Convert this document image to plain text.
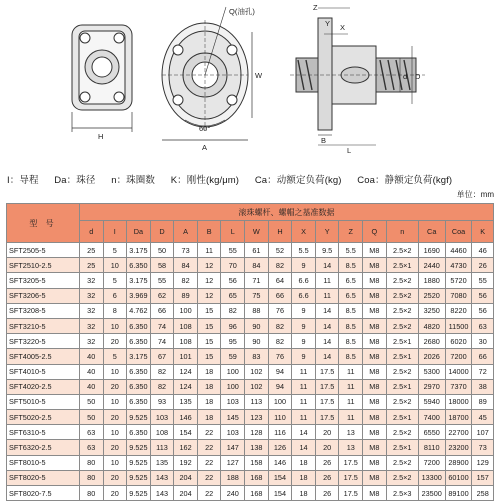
H
Q(油孔)
W
60°
A
Z
X
Y
d D
B
L
I：导程 Da：珠径 n：珠圈数 K：刚性(kg/μm) Ca：动额定负荷(kg) Coa：静额定负荷(kgf)
单位：mm
型 号	滚珠螺杆、螺帽之基准数据																
	d	I	Da	D	A	B	L	W	H	X	Y	Z	Q	n	Ca	Coa	K
SFT2505-5	25	5	3.175	50	73	11	55	61	52	5.5	9.5	5.5	M8	2.5×2	1690	4460	46
SFT2510-2.5	25	10	6.350	58	84	12	70	84	82	9	14	8.5	M8	2.5×1	2440	4730	26
SFT3205-5	32	5	3.175	55	82	12	56	71	64	6.6	11	6.5	M8	2.5×2	1880	5720	55
SFT3206-5	32	6	3.969	62	89	12	65	75	66	6.6	11	6.5	M8	2.5×2	2520	7080	56
SFT3208-5	32	8	4.762	66	100	15	82	88	76	9	14	8.5	M8	2.5×2	3250	8220	56
SFT3210-5	32	10	6.350	74	108	15	96	90	82	9	14	8.5	M8	2.5×2	4820	11500	63
SFT3220-5	32	20	6.350	74	108	15	95	90	82	9	14	8.5	M8	2.5×1	2680	6020	30
SFT4005-2.5	40	5	3.175	67	101	15	59	83	76	9	14	8.5	M8	2.5×1	2026	7200	66
SFT4010-5	40	10	6.350	82	124	18	100	102	94	11	17.5	11	M8	2.5×2	5300	14000	72
SFT4020-2.5	40	20	6.350	82	124	18	100	102	94	11	17.5	11	M8	2.5×1	2970	7370	38
SFT5010-5	50	10	6.350	93	135	18	103	113	100	11	17.5	11	M8	2.5×2	5940	18000	89
SFT5020-2.5	50	20	9.525	103	146	18	145	123	110	11	17.5	11	M8	2.5×1	7400	18700	45
SFT6310-5	63	10	6.350	108	154	22	103	128	116	14	20	13	M8	2.5×2	6550	22700	107
SFT6320-2.5	63	20	9.525	113	162	22	147	138	126	14	20	13	M8	2.5×1	8110	23200	73
SFT8010-5	80	10	9.525	135	192	22	127	158	146	18	26	17.5	M8	2.5×2	7200	28900	129
SFT8020-5	80	20	9.525	143	204	22	188	168	154	18	26	17.5	M8	2.5×2	13300	60100	157
SFT8020-7.5	80	20	9.525	143	204	22	240	168	154	18	26	17.5	M8	2.5×3	23500	89100	258
